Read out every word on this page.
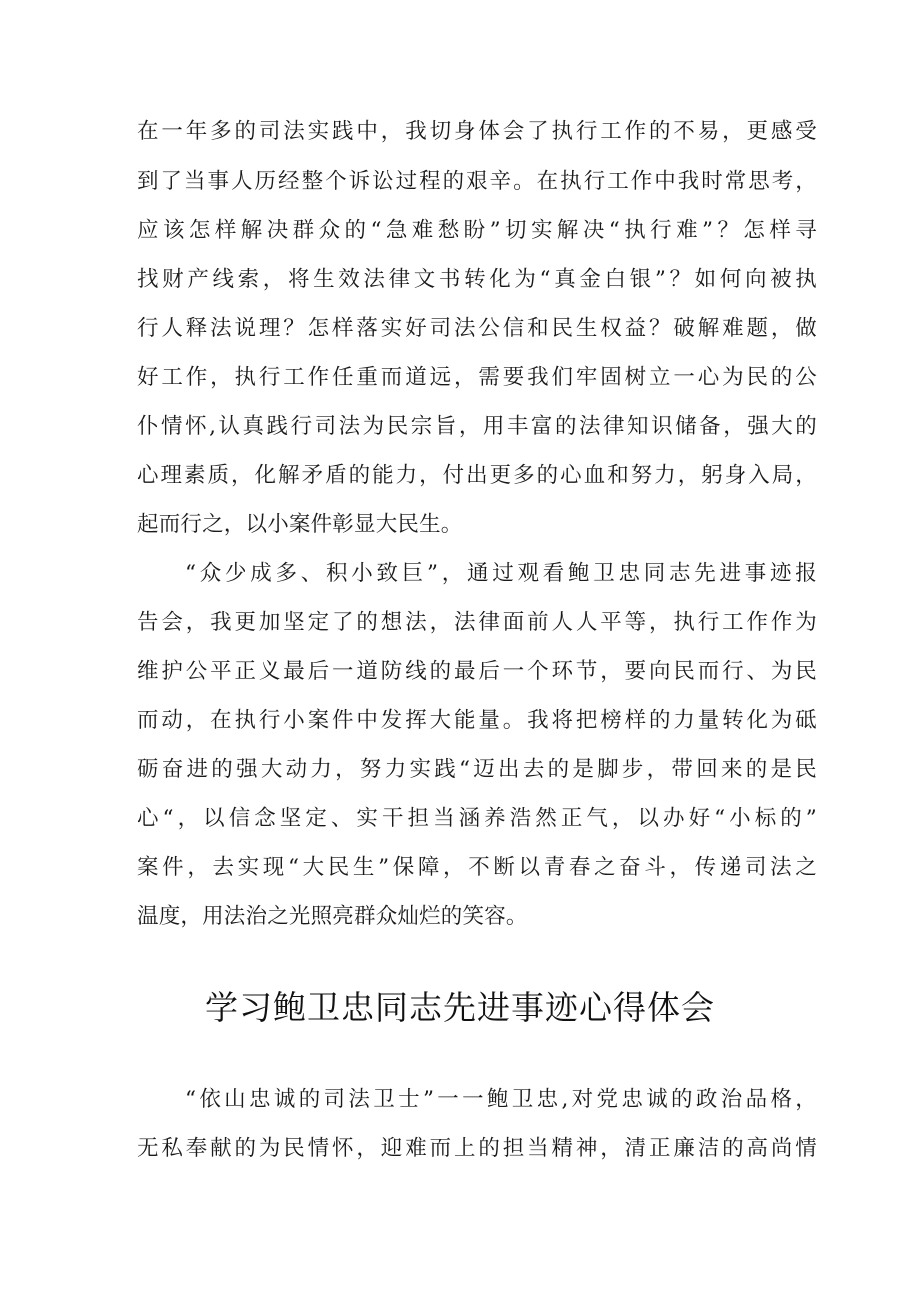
在一年多的司法实践中，我切身体会了执行工作的不易，更感受
到了当事人历经整个诉讼过程的艰辛。在执行工作中我时常思考，
应该怎样解决群众的“急难愁盼”切实解决“执行难”？怎样寻
找财产线索，将生效法律文书转化为“真金白银”？如何向被执
行人释法说理？怎样落实好司法公信和民生权益？破解难题，做
好工作，执行工作任重而道远，需要我们牢固树立一心为民的公
仆情怀,认真践行司法为民宗旨，用丰富的法律知识储备，强大的
心理素质，化解矛盾的能力，付出更多的心血和努力，躬身入局，
起而行之，以小案件彰显大民生。
“众少成多、积小致巨”，通过观看鲍卫忠同志先进事迹报
告会，我更加坚定了的想法，法律面前人人平等，执行工作作为
维护公平正义最后一道防线的最后一个环节，要向民而行、为民
而动，在执行小案件中发挥大能量。我将把榜样的力量转化为砥
砺奋进的强大动力，努力实践“迈出去的是脚步，带回来的是民
心“，以信念坚定、实干担当涵养浩然正气，以办好“小标的”
案件，去实现“大民生”保障，不断以青春之奋斗，传递司法之
温度，用法治之光照亮群众灿烂的笑容。
学习鲍卫忠同志先进事迹心得体会
“依山忠诚的司法卫士”一一鲍卫忠,对党忠诚的政治品格，
无私奉献的为民情怀，迎难而上的担当精神，清正廉洁的高尚情
